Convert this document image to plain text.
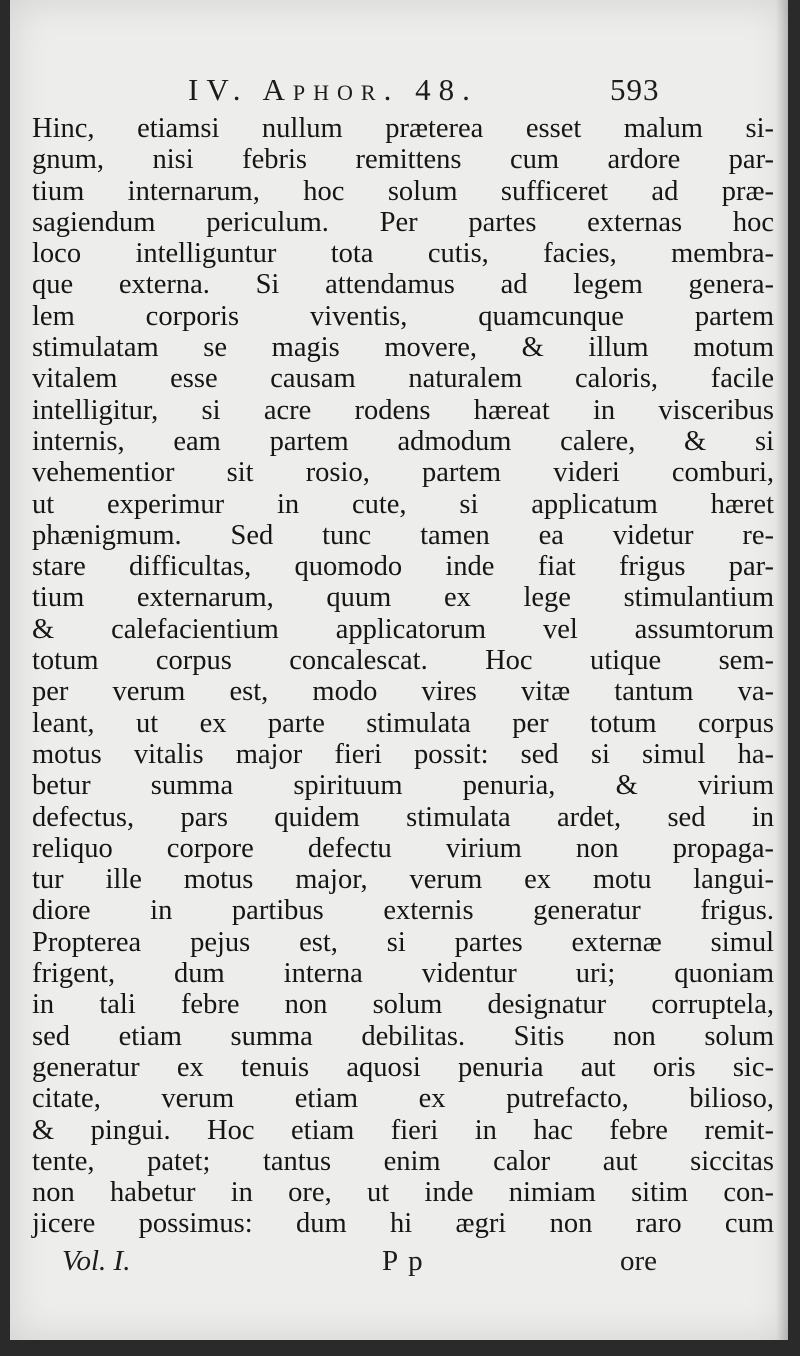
IV. Aphor. 48.	593
Hinc, etiamsi nullum præterea esset malum si-
gnum, nisi febris remittens cum ardore par-
tium internarum, hoc solum sufficeret ad præ-
sagiendum periculum. Per partes externas hoc
loco intelliguntur tota cutis, facies, membra-
que externa. Si attendamus ad legem genera-
lem corporis viventis, quamcunque partem
stimulatam se magis movere, & illum motum
vitalem esse causam naturalem caloris, facile
intelligitur, si acre rodens hæreat in visceribus
internis, eam partem admodum calere, & si
vehementior sit rosio, partem videri comburi,
ut experimur in cute, si applicatum hæret
phænigmum. Sed tunc tamen ea videtur re-
stare difficultas, quomodo inde fiat frigus par-
tium externarum, quum ex lege stimulantium
& calefacientium applicatorum vel assumtorum
totum corpus concalescat. Hoc utique sem-
per verum est, modo vires vitæ tantum va-
leant, ut ex parte stimulata per totum corpus
motus vitalis major fieri possit: sed si simul ha-
betur summa spirituum penuria, & virium
defectus, pars quidem stimulata ardet, sed in
reliquo corpore defectu virium non propaga-
tur ille motus major, verum ex motu langui-
diore in partibus externis generatur frigus.
Propterea pejus est, si partes externæ simul
frigent, dum interna videntur uri; quoniam
in tali febre non solum designatur corruptela,
sed etiam summa debilitas. Sitis non solum
generatur ex tenuis aquosi penuria aut oris sic-
citate, verum etiam ex putrefacto, bilioso,
& pingui. Hoc etiam fieri in hac febre remit-
tente, patet; tantus enim calor aut siccitas
non habetur in ore, ut inde nimiam sitim con-
jicere possimus: dum hi ægri non raro cum
Vol. I.	Pp	ore
